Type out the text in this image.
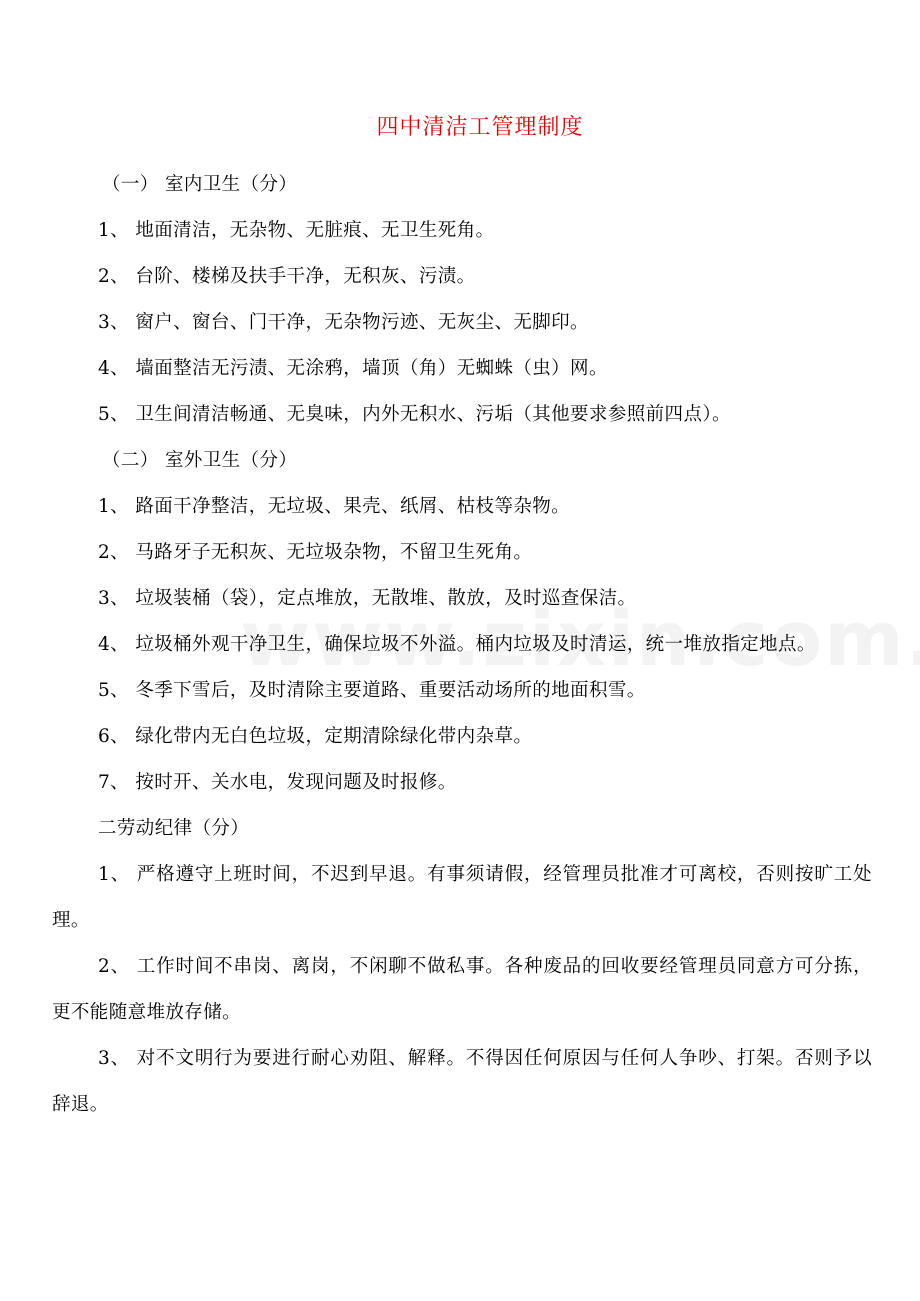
四中清洁工管理制度
（一） 室内卫生（分）
1、 地面清洁，无杂物、无脏痕、无卫生死角。
2、 台阶、楼梯及扶手干净，无积灰、污渍。
3、 窗户、窗台、门干净，无杂物污迹、无灰尘、无脚印。
4、 墙面整洁无污渍、无涂鸦，墙顶（角）无蜘蛛（虫）网。
5、 卫生间清洁畅通、无臭味，内外无积水、污垢（其他要求参照前四点）。
（二） 室外卫生（分）
1、 路面干净整洁，无垃圾、果壳、纸屑、枯枝等杂物。
2、 马路牙子无积灰、无垃圾杂物，不留卫生死角。
3、 垃圾装桶（袋），定点堆放，无散堆、散放，及时巡查保洁。
4、 垃圾桶外观干净卫生，确保垃圾不外溢。桶内垃圾及时清运，统一堆放指定地点。
5、 冬季下雪后，及时清除主要道路、重要活动场所的地面积雪。
6、 绿化带内无白色垃圾，定期清除绿化带内杂草。
7、 按时开、关水电，发现问题及时报修。
二劳动纪律（分）
1、 严格遵守上班时间，不迟到早退。有事须请假，经管理员批准才可离校，否则按旷工处理。
2、 工作时间不串岗、离岗，不闲聊不做私事。各种废品的回收要经管理员同意方可分拣，更不能随意堆放存储。
3、 对不文明行为要进行耐心劝阻、解释。不得因任何原因与任何人争吵、打架。否则予以辞退。
